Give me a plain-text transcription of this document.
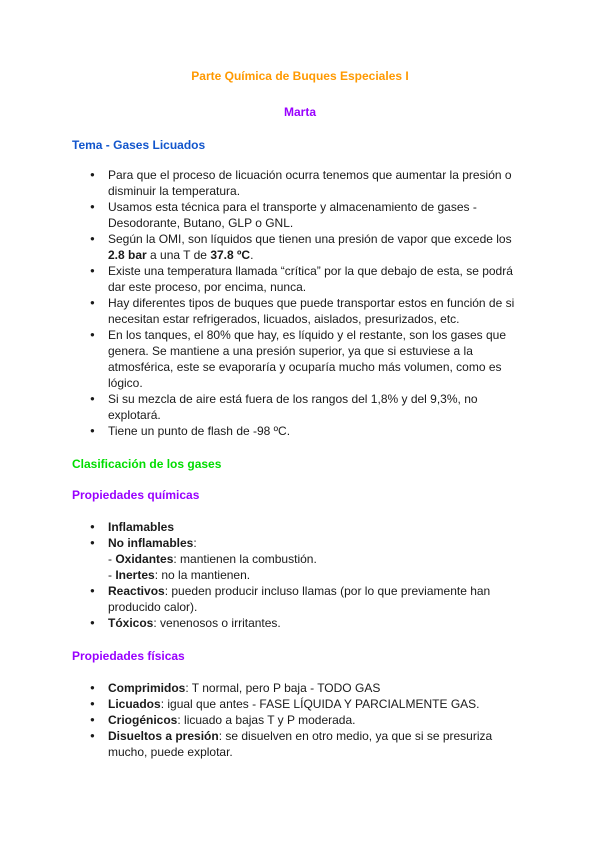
Parte Química de Buques Especiales I
Marta
Tema - Gases Licuados
● Para que el proceso de licuación ocurra tenemos que aumentar la presión o disminuir la temperatura.
● Usamos esta técnica para el transporte y almacenamiento de gases - Desodorante, Butano, GLP o GNL.
● Según la OMI, son líquidos que tienen una presión de vapor que excede los 2.8 bar a una T de 37.8 ºC.
● Existe una temperatura llamada “crítica” por la que debajo de esta, se podrá dar este proceso, por encima, nunca.
● Hay diferentes tipos de buques que puede transportar estos en función de si necesitan estar refrigerados, licuados, aislados, presurizados, etc.
● En los tanques, el 80% que hay, es líquido y el restante, son los gases que genera. Se mantiene a una presión superior, ya que si estuviese a la atmosférica, este se evaporaría y ocuparía mucho más volumen, como es lógico.
● Si su mezcla de aire está fuera de los rangos del 1,8% y del 9,3%, no explotará.
● Tiene un punto de flash de -98 ºC.
Clasificación de los gases
Propiedades químicas
● Inflamables
● No inflamables:
- Oxidantes: mantienen la combustión.
- Inertes: no la mantienen.
● Reactivos: pueden producir incluso llamas (por lo que previamente han producido calor).
● Tóxicos: venenosos o irritantes.
Propiedades físicas
● Comprimidos: T normal, pero P baja - TODO GAS
● Licuados: igual que antes - FASE LÍQUIDA Y PARCIALMENTE GAS.
● Criogénicos: licuado a bajas T y P moderada.
● Disueltos a presión: se disuelven en otro medio, ya que si se presuriza mucho, puede explotar.
